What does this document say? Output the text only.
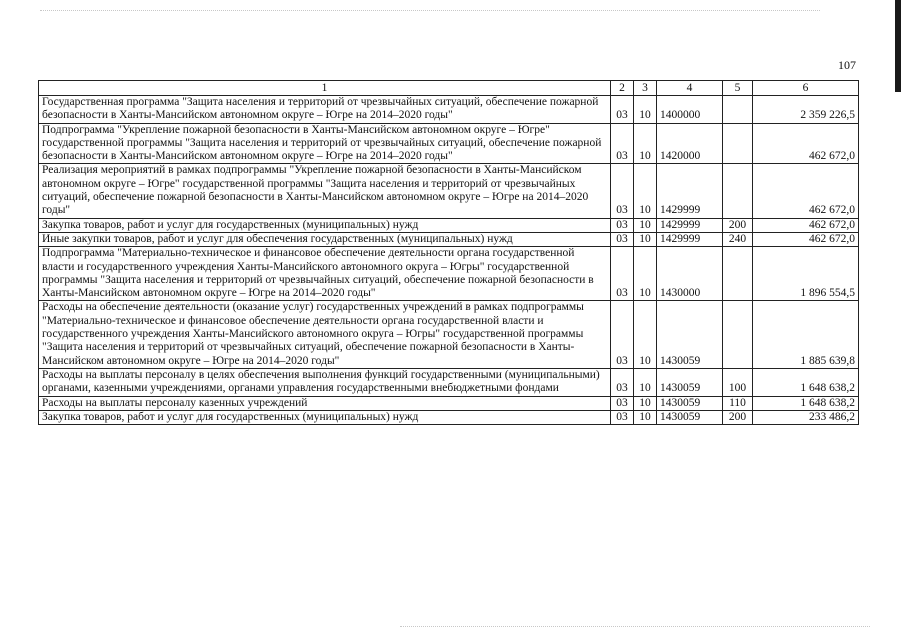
107
1	2	3	4	5	6
Государственная программа "Защита населения и территорий от чрезвычайных ситуаций, обеспечение пожарной безопасности в Ханты-Мансийском автономном округе – Югре на 2014–2020 годы"	03	10	1400000		2 359 226,5
Подпрограмма "Укрепление пожарной безопасности в Ханты-Мансийском автономном округе – Югре" государственной программы "Защита населения и территорий от чрезвычайных ситуаций, обеспечение пожарной безопасности в Ханты-Мансийском автономном округе – Югре на 2014–2020 годы"	03	10	1420000		462 672,0
Реализация мероприятий в рамках подпрограммы "Укрепление пожарной безопасности в Ханты-Мансийском автономном округе – Югре" государственной программы "Защита населения и территорий от чрезвычайных ситуаций, обеспечение пожарной безопасности в Ханты-Мансийском автономном округе – Югре на 2014–2020 годы"	03	10	1429999		462 672,0
Закупка товаров, работ и услуг для государственных (муниципальных) нужд	03	10	1429999	200	462 672,0
Иные закупки товаров, работ и услуг для обеспечения государственных (муниципальных) нужд	03	10	1429999	240	462 672,0
Подпрограмма "Материально-техническое и финансовое обеспечение деятельности органа государственной власти и государственного учреждения Ханты-Мансийского автономного округа – Югры" государственной программы "Защита населения и территорий от чрезвычайных ситуаций, обеспечение пожарной безопасности в Ханты-Мансийском автономном округе – Югре на 2014–2020 годы"	03	10	1430000		1 896 554,5
Расходы на обеспечение деятельности (оказание услуг) государственных учреждений в рамках подпрограммы "Материально-техническое и финансовое обеспечение деятельности органа государственной власти и государственного учреждения Ханты-Мансийского автономного округа – Югры" государственной программы "Защита населения и территорий от чрезвычайных ситуаций, обеспечение пожарной безопасности в Ханты-Мансийском автономном округе – Югре на 2014–2020 годы"	03	10	1430059		1 885 639,8
Расходы на выплаты персоналу в целях обеспечения выполнения функций государственными (муниципальными) органами, казенными учреждениями, органами управления государственными внебюджетными фондами	03	10	1430059	100	1 648 638,2
Расходы на выплаты персоналу казенных учреждений	03	10	1430059	110	1 648 638,2
Закупка товаров, работ и услуг для государственных (муниципальных) нужд	03	10	1430059	200	233 486,2
